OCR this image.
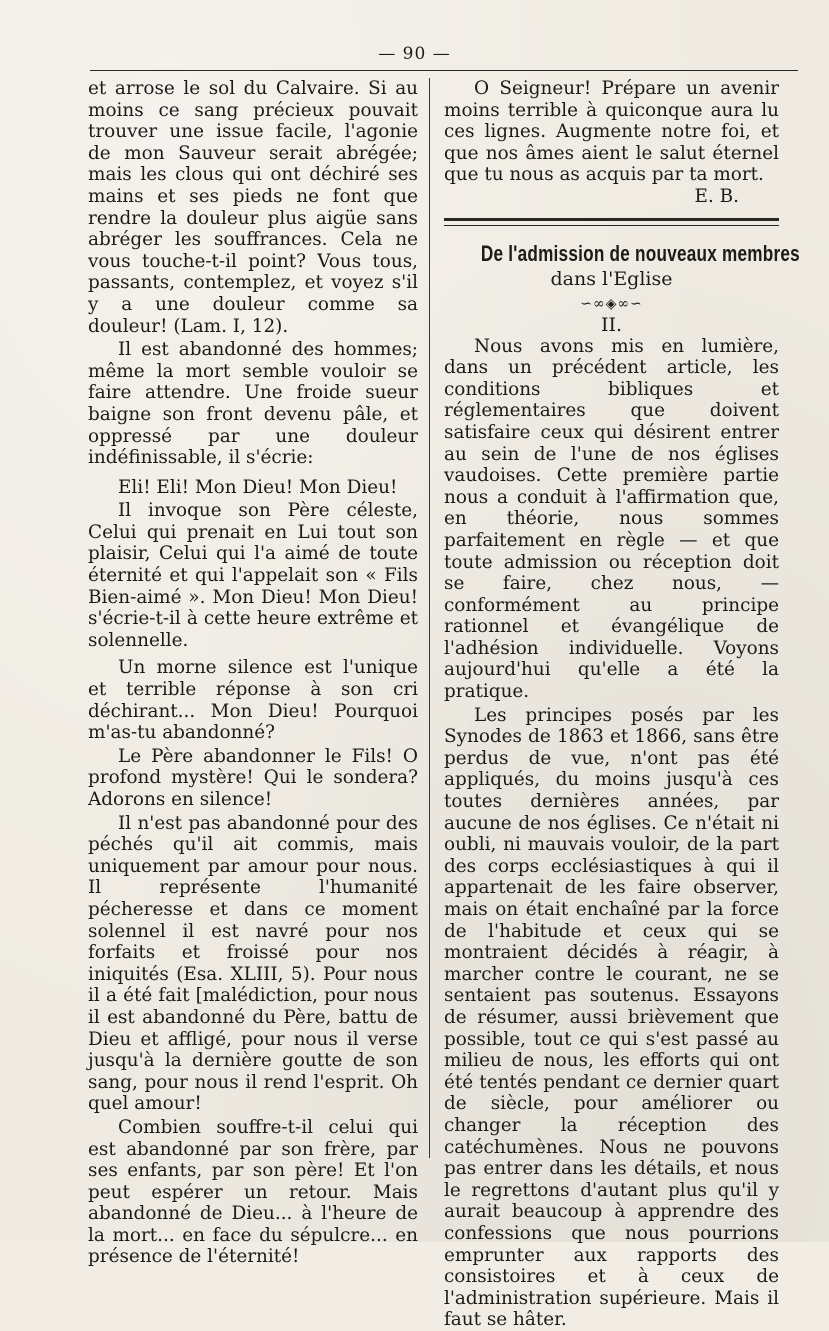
— 90 —

et arrose le sol du Calvaire. Si au moins ce sang précieux pouvait trouver une issue facile, l'agonie de mon Sauveur serait abrégée; mais les clous qui ont déchiré ses mains et ses pieds ne font que rendre la douleur plus aigüe sans abréger les souffrances. Cela ne vous touche-t-il point? Vous tous, passants, contemplez, et voyez s'il y a une douleur comme sa douleur! (Lam. I, 12).

Il est abandonné des hommes; même la mort semble vouloir se faire attendre. Une froide sueur baigne son front devenu pâle, et oppressé par une douleur indéfinissable, il s'écrie:

Eli! Eli! Mon Dieu! Mon Dieu!

Il invoque son Père céleste, Celui qui prenait en Lui tout son plaisir, Celui qui l'a aimé de toute éternité et qui l'appelait son « Fils Bien-aimé ». Mon Dieu! Mon Dieu! s'écrie-t-il à cette heure extrême et solennelle.

Un morne silence est l'unique et terrible réponse à son cri déchirant... Mon Dieu! Pourquoi m'as-tu abandonné?

Le Père abandonner le Fils! O profond mystère! Qui le sondera? Adorons en silence!

Il n'est pas abandonné pour des péchés qu'il ait commis, mais uniquement par amour pour nous. Il représente l'humanité pécheresse et dans ce moment solennel il est navré pour nos forfaits et froissé pour nos iniquités (Esa. XLIII, 5). Pour nous il a été fait [malédiction, pour nous il est abandonné du Père, battu de Dieu et affligé, pour nous il verse jusqu'à la dernière goutte de son sang, pour nous il rend l'esprit. Oh quel amour!

Combien souffre-t-il celui qui est abandonné par son frère, par ses enfants, par son père! Et l'on peut espérer un retour. Mais abandonné de Dieu... à l'heure de la mort... en face du sépulcre... en présence de l'éternité!

O Seigneur! Prépare un avenir moins terrible à quiconque aura lu ces lignes. Augmente notre foi, et que nos âmes aient le salut éternel que tu nous as acquis par ta mort.

E. B.

De l'admission de nouveaux membres
dans l'Eglise
∽∞◈∞∽
II.

Nous avons mis en lumière, dans un précédent article, les conditions bibliques et réglementaires que doivent satisfaire ceux qui désirent entrer au sein de l'une de nos églises vaudoises. Cette première partie nous a conduit à l'affirmation que, en théorie, nous sommes parfaitement en règle — et que toute admission ou réception doit se faire, chez nous, — conformément au principe rationnel et évangélique de l'adhésion individuelle. Voyons aujourd'hui qu'elle a été la pratique.

Les principes posés par les Synodes de 1863 et 1866, sans être perdus de vue, n'ont pas été appliqués, du moins jusqu'à ces toutes dernières années, par aucune de nos églises. Ce n'était ni oubli, ni mauvais vouloir, de la part des corps ecclésiastiques à qui il appartenait de les faire observer, mais on était enchaîné par la force de l'habitude et ceux qui se montraient décidés à réagir, à marcher contre le courant, ne se sentaient pas soutenus. Essayons de résumer, aussi brièvement que possible, tout ce qui s'est passé au milieu de nous, les efforts qui ont été tentés pendant ce dernier quart de siècle, pour améliorer ou changer la réception des catéchumènes. Nous ne pouvons pas entrer dans les détails, et nous le regrettons d'autant plus qu'il y aurait beaucoup à apprendre des confessions que nous pourrions emprunter aux rapports des consistoires et à ceux de l'administration supérieure. Mais il faut se hâter.
